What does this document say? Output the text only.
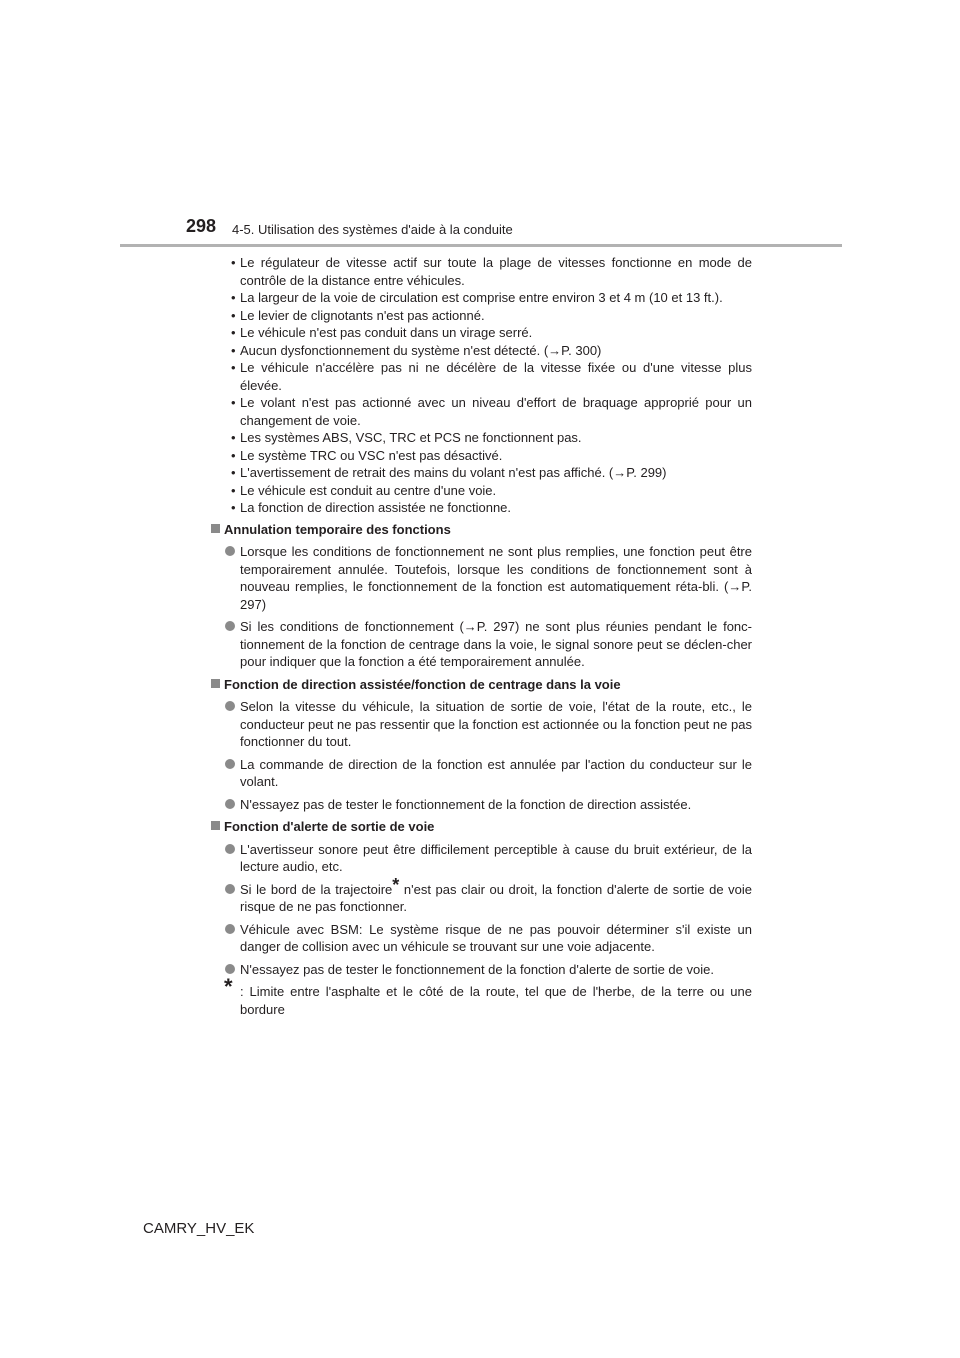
298 4-5. Utilisation des systèmes d'aide à la conduite
• Le régulateur de vitesse actif sur toute la plage de vitesses fonctionne en mode de contrôle de la distance entre véhicules.
• La largeur de la voie de circulation est comprise entre environ 3 et 4 m (10 et 13 ft.).
• Le levier de clignotants n'est pas actionné.
• Le véhicule n'est pas conduit dans un virage serré.
• Aucun dysfonctionnement du système n'est détecté. (→P. 300)
• Le véhicule n'accélère pas ni ne décélère de la vitesse fixée ou d'une vitesse plus élevée.
• Le volant n'est pas actionné avec un niveau d'effort de braquage approprié pour un changement de voie.
• Les systèmes ABS, VSC, TRC et PCS ne fonctionnent pas.
• Le système TRC ou VSC n'est pas désactivé.
• L'avertissement de retrait des mains du volant n'est pas affiché. (→P. 299)
• Le véhicule est conduit au centre d'une voie.
• La fonction de direction assistée ne fonctionne.
Annulation temporaire des fonctions
Lorsque les conditions de fonctionnement ne sont plus remplies, une fonction peut être temporairement annulée. Toutefois, lorsque les conditions de fonctionnement sont à nouveau remplies, le fonctionnement de la fonction est automatiquement réta-bli. (→P. 297)
Si les conditions de fonctionnement (→P. 297) ne sont plus réunies pendant le fonc-tionnement de la fonction de centrage dans la voie, le signal sonore peut se déclen-cher pour indiquer que la fonction a été temporairement annulée.
Fonction de direction assistée/fonction de centrage dans la voie
Selon la vitesse du véhicule, la situation de sortie de voie, l'état de la route, etc., le conducteur peut ne pas ressentir que la fonction est actionnée ou la fonction peut ne pas fonctionner du tout.
La commande de direction de la fonction est annulée par l'action du conducteur sur le volant.
N'essayez pas de tester le fonctionnement de la fonction de direction assistée.
Fonction d'alerte de sortie de voie
L'avertisseur sonore peut être difficilement perceptible à cause du bruit extérieur, de la lecture audio, etc.
Si le bord de la trajectoire* n'est pas clair ou droit, la fonction d'alerte de sortie de voie risque de ne pas fonctionner.
Véhicule avec BSM: Le système risque de ne pas pouvoir déterminer s'il existe un danger de collision avec un véhicule se trouvant sur une voie adjacente.
N'essayez pas de tester le fonctionnement de la fonction d'alerte de sortie de voie.
* : Limite entre l'asphalte et le côté de la route, tel que de l'herbe, de la terre ou une bordure
CAMRY_HV_EK
